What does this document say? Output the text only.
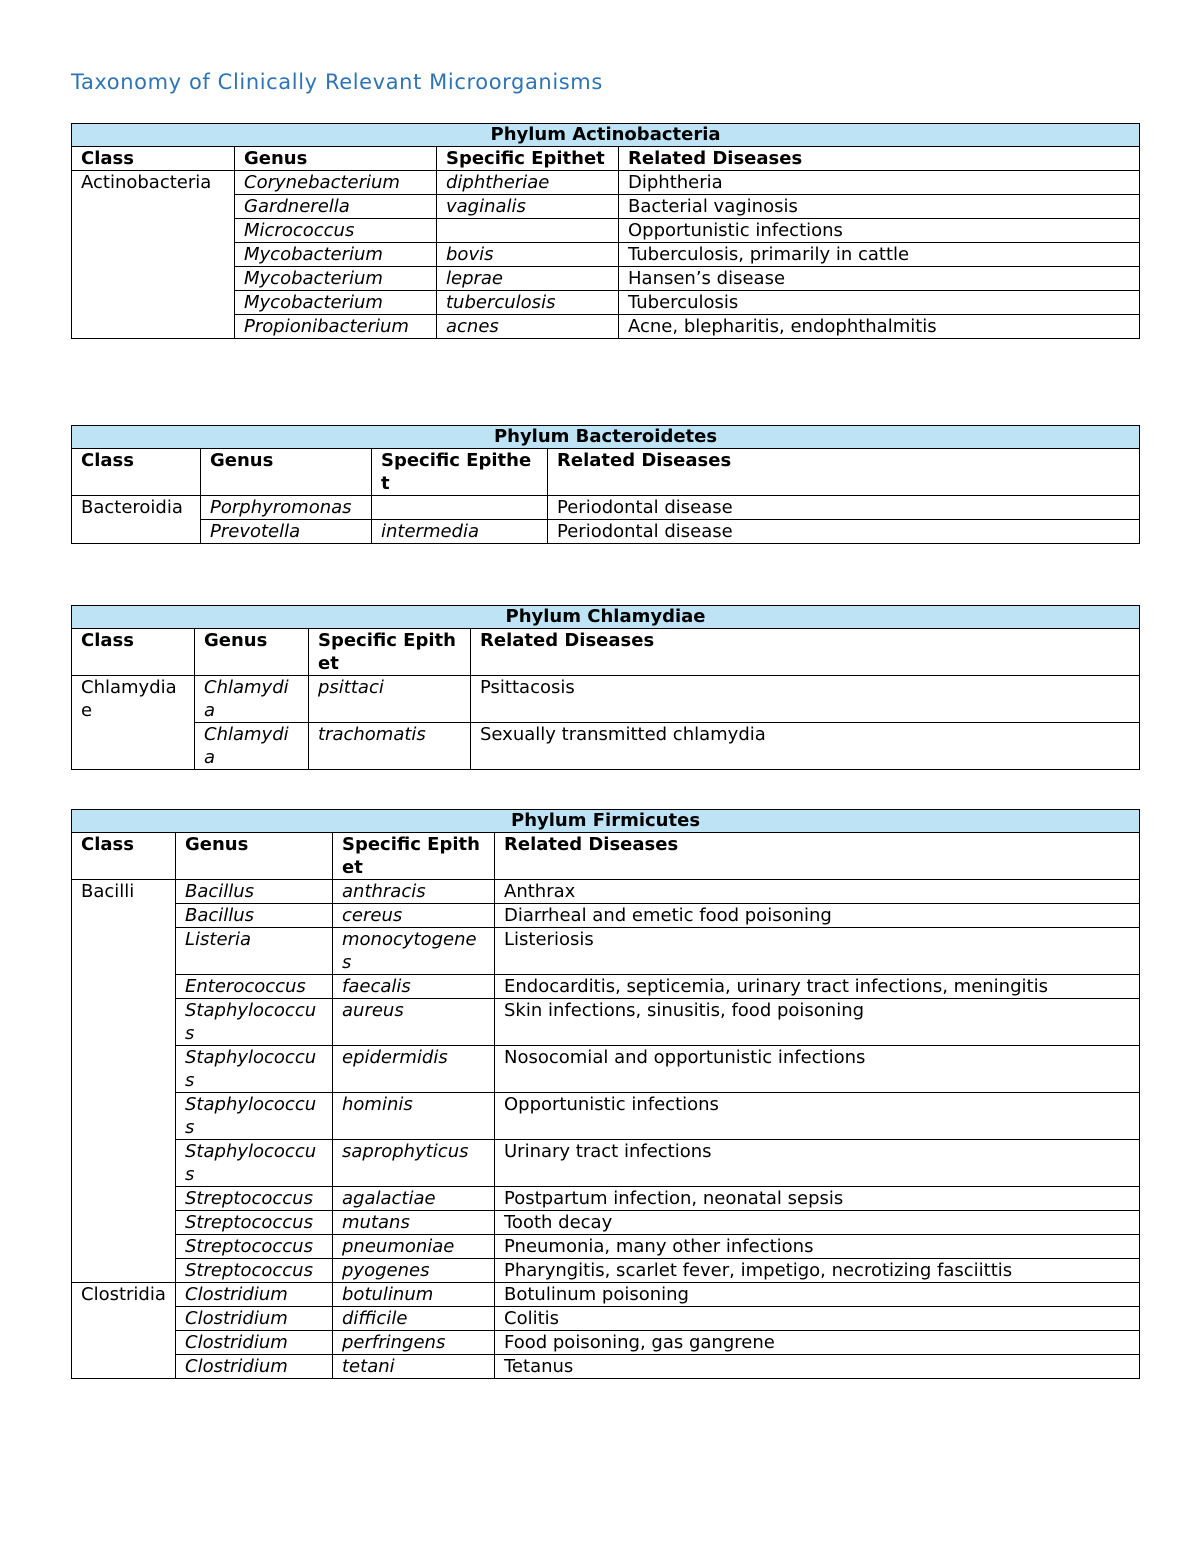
Taxonomy of Clinically Relevant Microorganisms
Phylum Actinobacteria			
Class	Genus	Specific Epithet	Related Diseases
Actinobacteria	Corynebacterium	diphtheriae	Diphtheria
	Gardnerella	vaginalis	Bacterial vaginosis
	Micrococcus		Opportunistic infections
	Mycobacterium	bovis	Tuberculosis, primarily in cattle
	Mycobacterium	leprae	Hansen’s disease
	Mycobacterium	tuberculosis	Tuberculosis
	Propionibacterium	acnes	Acne, blepharitis, endophthalmitis
Phylum Bacteroidetes			
Class	Genus	Specific Epithet	Related Diseases
Bacteroidia	Porphyromonas		Periodontal disease
	Prevotella	intermedia	Periodontal disease
Phylum Chlamydiae			
Class	Genus	Specific Epithet	Related Diseases
Chlamydiae	Chlamydia	psittaci	Psittacosis
	Chlamydia	trachomatis	Sexually transmitted chlamydia
Phylum Firmicutes			
Class	Genus	Specific Epithet	Related Diseases
Bacilli	Bacillus	anthracis	Anthrax
	Bacillus	cereus	Diarrheal and emetic food poisoning
	Listeria	monocytogenes	Listeriosis
	Enterococcus	faecalis	Endocarditis, septicemia, urinary tract infections, meningitis
	Staphylococcus	aureus	Skin infections, sinusitis, food poisoning
	Staphylococcus	epidermidis	Nosocomial and opportunistic infections
	Staphylococcus	hominis	Opportunistic infections
	Staphylococcus	saprophyticus	Urinary tract infections
	Streptococcus	agalactiae	Postpartum infection, neonatal sepsis
	Streptococcus	mutans	Tooth decay
	Streptococcus	pneumoniae	Pneumonia, many other infections
	Streptococcus	pyogenes	Pharyngitis, scarlet fever, impetigo, necrotizing fasciittis
Clostridia	Clostridium	botulinum	Botulinum poisoning
	Clostridium	difficile	Colitis
	Clostridium	perfringens	Food poisoning, gas gangrene
	Clostridium	tetani	Tetanus
